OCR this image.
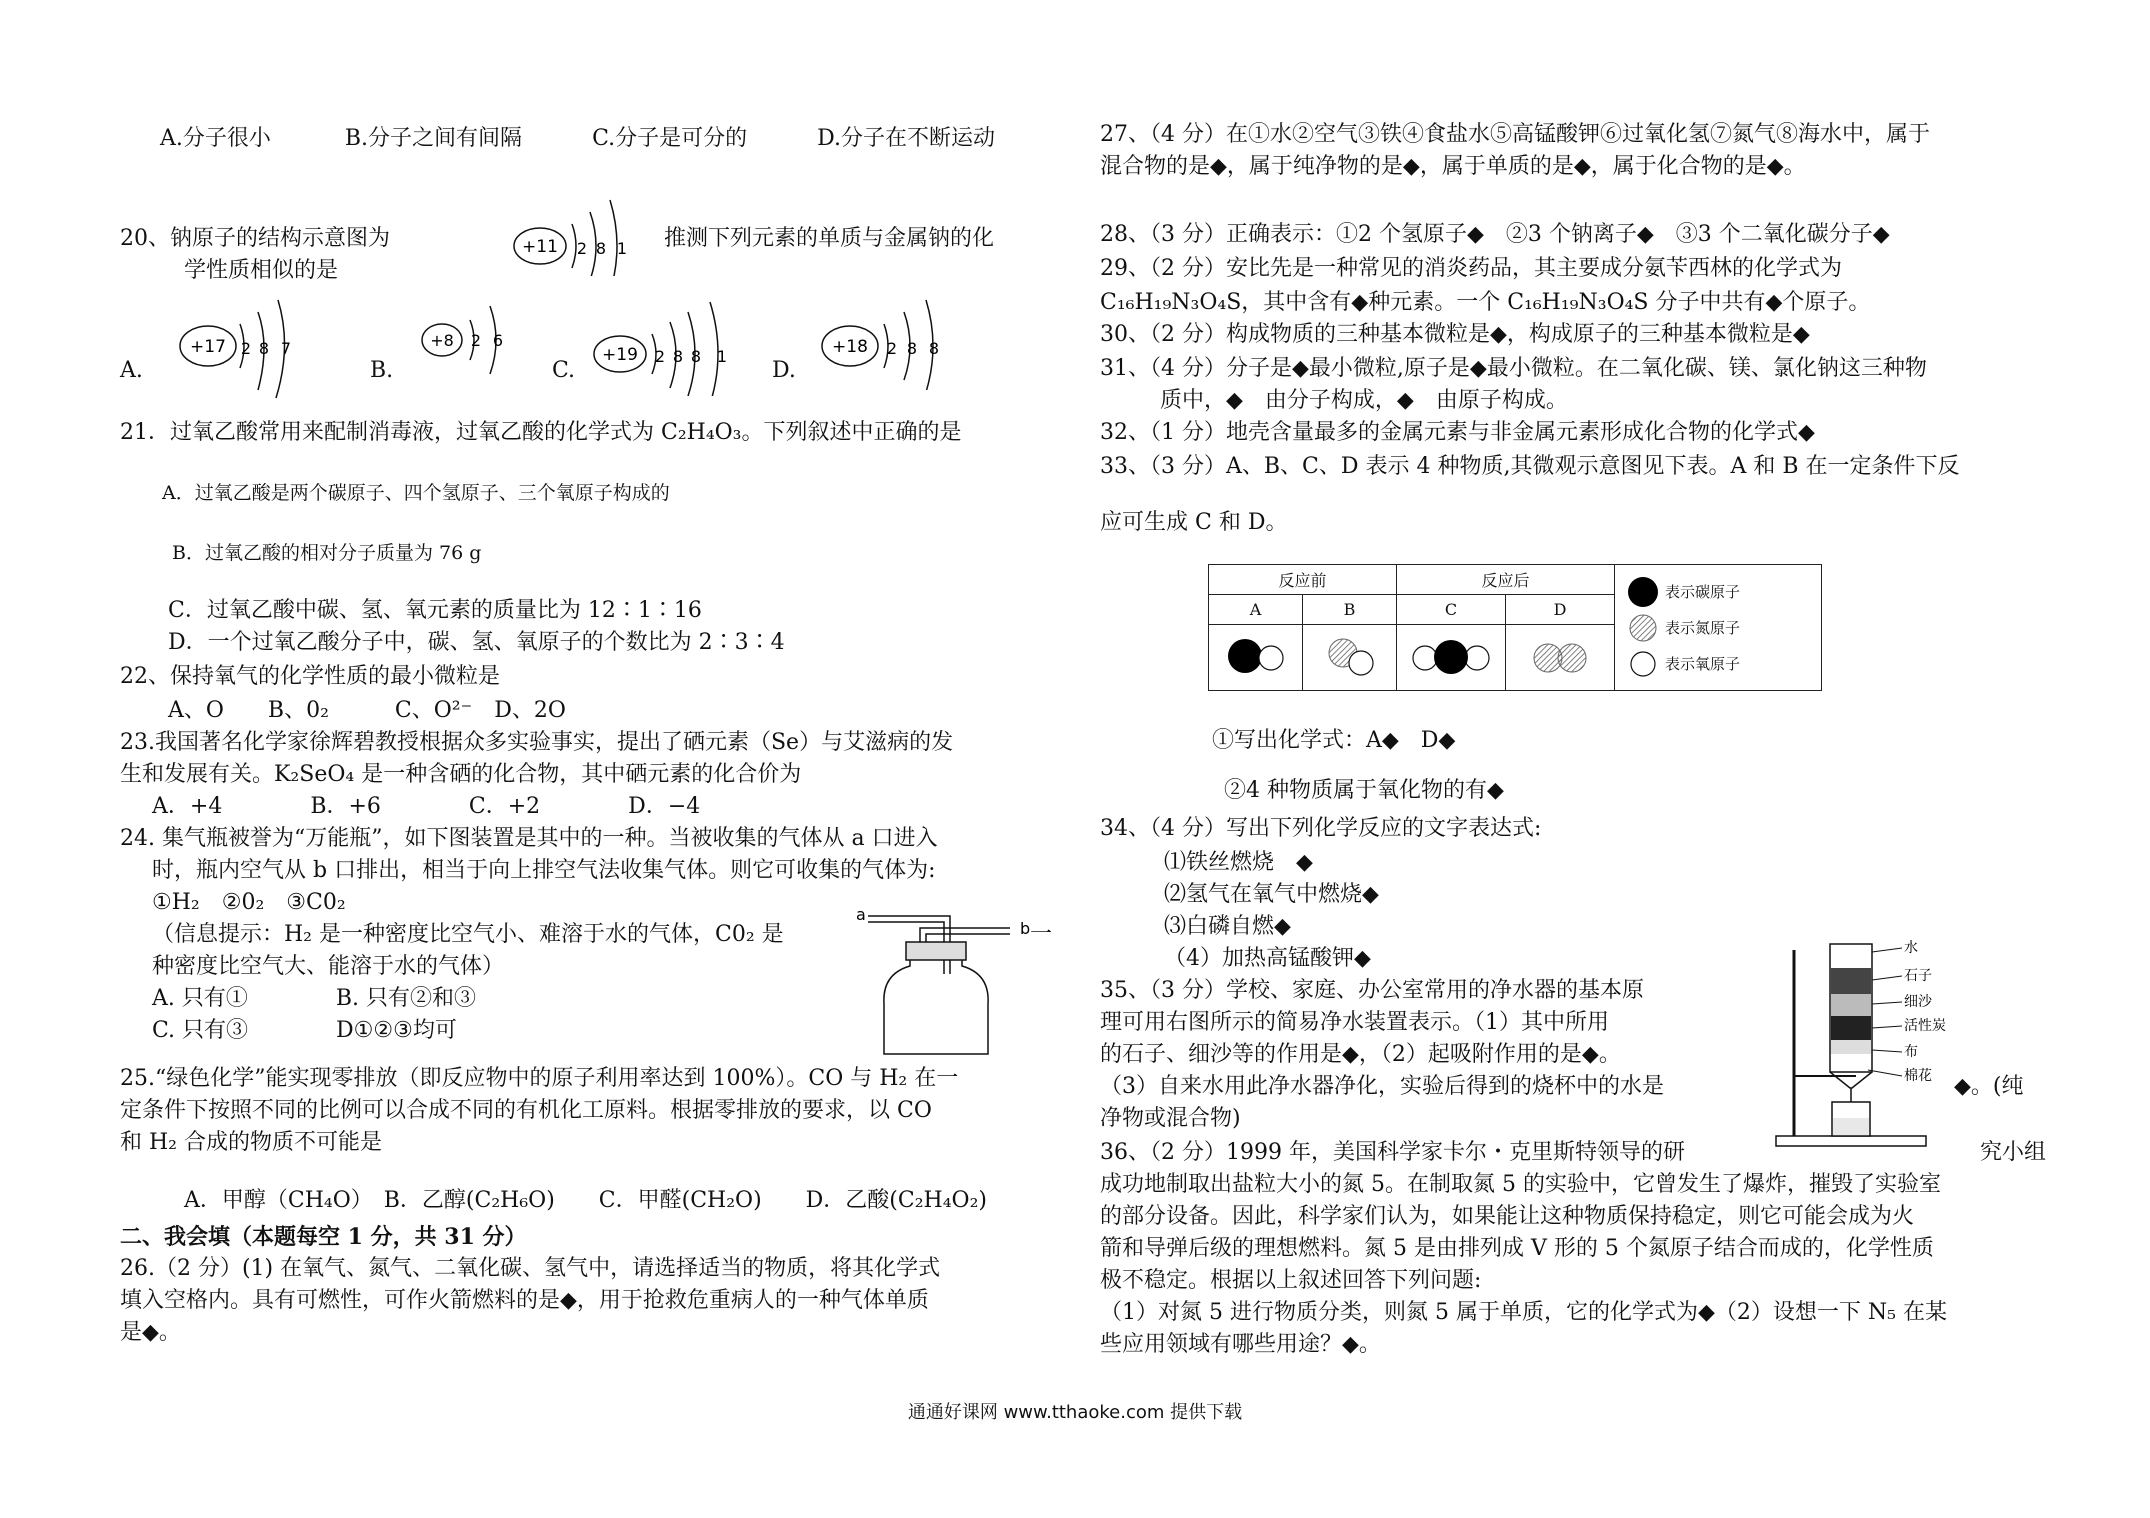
A.分子很小	B.分子之间有间隔	C.分子是可分的	D.分子在不断运动
20、钠原子的结构示意图为	+11 2 8 1 推测下列元素的单质与金属钠的化
学性质相似的是
A.
+17 2 8 7
B.
+8 2 6
C.
+19 2 8 8 1
D.
+18 2 8 8
21．过氧乙酸常用来配制消毒液，过氧乙酸的化学式为 C₂H₄O₃。下列叙述中正确的是
A．过氧乙酸是两个碳原子、四个氢原子、三个氧原子构成的
B．过氧乙酸的相对分子质量为 76 g
C．过氧乙酸中碳、氢、氧元素的质量比为 12∶1∶16
D．一个过氧乙酸分子中，碳、氢、氧原子的个数比为 2∶3∶4
22、保持氧气的化学性质的最小微粒是
A、O　　B、0₂　　　C、O²⁻　D、2O
23.我国著名化学家徐辉碧教授根据众多实验事实，提出了硒元素（Se）与艾滋病的发
生和发展有关。K₂SeO₄ 是一种含硒的化合物，其中硒元素的化合价为
A．+4　　　　B．+6　　　　C．+2　　　　D．−4
24. 集气瓶被誉为“万能瓶”，如下图装置是其中的一种。当被收集的气体从 a 口进入
时，瓶内空气从 b 口排出，相当于向上排空气法收集气体。则它可收集的气体为:
①H₂　②0₂　③C0₂
（信息提示：H₂ 是一种密度比空气小、难溶于水的气体，C0₂ 是	一
种密度比空气大、能溶于水的气体）
A. 只有①　　　　B. 只有②和③
C. 只有③　　　　D①②③均可
a
b
25.“绿色化学”能实现零排放（即反应物中的原子利用率达到 100%）。CO 与 H₂ 在一
定条件下按照不同的比例可以合成不同的有机化工原料。根据零排放的要求，以 CO
和 H₂ 合成的物质不可能是
A．甲醇（CH₄O）　B．乙醇(C₂H₆O)　　C．甲醛(CH₂O)　　D．乙酸(C₂H₄O₂)
二、我会填（本题每空 1 分，共 31 分）
26.（2 分）(1) 在氧气、氮气、二氧化碳、氢气中，请选择适当的物质，将其化学式
填入空格内。具有可燃性，可作火箭燃料的是◆，用于抢救危重病人的一种气体单质
是◆。
27、（4 分）在①水②空气③铁④食盐水⑤高锰酸钾⑥过氧化氢⑦氮气⑧海水中，属于
混合物的是◆，属于纯净物的是◆，属于单质的是◆，属于化合物的是◆。
28、（3 分）正确表示：①2 个氢原子◆　②3 个钠离子◆　③3 个二氧化碳分子◆
29、（2 分）安比先是一种常见的消炎药品，其主要成分氨苄西林的化学式为
C₁₆H₁₉N₃O₄S，其中含有◆种元素。一个 C₁₆H₁₉N₃O₄S 分子中共有◆个原子。
30、（2 分）构成物质的三种基本微粒是◆，构成原子的三种基本微粒是◆
31、（4 分）分子是◆最小微粒,原子是◆最小微粒。在二氧化碳、镁、氯化钠这三种物
质中，◆　由分子构成，◆　由原子构成。
32、（1 分）地壳含量最多的金属元素与非金属元素形成化合物的化学式◆
33、（3 分）A、B、C、D 表示 4 种物质,其微观示意图见下表。A 和 B 在一定条件下反
应可生成 C 和 D。
反应前		反应后		表示碳原子
表示氮原子
表示氧原子

A	B	C	D	

①写出化学式：A◆　D◆
②4 种物质属于氧化物的有◆
34、（4 分）写出下列化学反应的文字表达式:
⑴铁丝燃烧　◆
⑵氢气在氧气中燃烧◆
⑶白磷自燃◆
（4）加热高锰酸钾◆
35、（3 分）学校、家庭、办公室常用的净水器的基本原
理可用右图所示的简易净水装置表示。（1）其中所用
的石子、细沙等的作用是◆，（2）起吸附作用的是◆。
（3）自来水用此净水器净化，实验后得到的烧杯中的水是	◆。(纯
净物或混合物)
水
石子
细沙
活性炭
布
棉花
36、（2 分）1999 年，美国科学家卡尔・克里斯特领导的研	究小组
成功地制取出盐粒大小的氮 5。在制取氮 5 的实验中，它曾发生了爆炸，摧毁了实验室
的部分设备。因此，科学家们认为，如果能让这种物质保持稳定，则它可能会成为火
箭和导弹后级的理想燃料。氮 5 是由排列成 V 形的 5 个氮原子结合而成的，化学性质
极不稳定。根据以上叙述回答下列问题:
（1）对氮 5 进行物质分类，则氮 5 属于单质，它的化学式为◆（2）设想一下 N₅ 在某
些应用领域有哪些用途？◆。
通通好课网 www.tthaoke.com 提供下载
